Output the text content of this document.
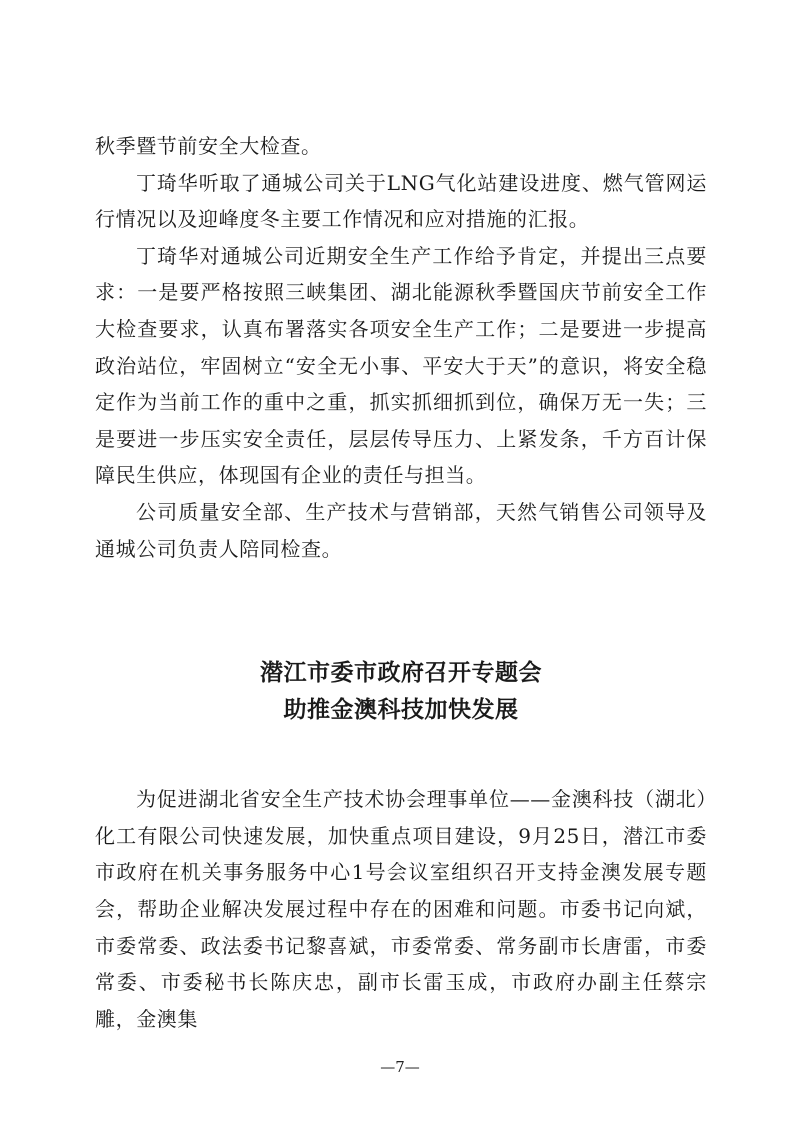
秋季暨节前安全大检查。

丁琦华听取了通城公司关于LNG气化站建设进度、燃气管网运行情况以及迎峰度冬主要工作情况和应对措施的汇报。

丁琦华对通城公司近期安全生产工作给予肯定，并提出三点要求：一是要严格按照三峡集团、湖北能源秋季暨国庆节前安全工作大检查要求，认真布署落实各项安全生产工作；二是要进一步提高政治站位，牢固树立“安全无小事、平安大于天”的意识，将安全稳定作为当前工作的重中之重，抓实抓细抓到位，确保万无一失；三是要进一步压实安全责任，层层传导压力、上紧发条，千方百计保障民生供应，体现国有企业的责任与担当。

公司质量安全部、生产技术与营销部，天然气销售公司领导及通城公司负责人陪同检查。

潜江市委市政府召开专题会
助推金澳科技加快发展

为促进湖北省安全生产技术协会理事单位——金澳科技（湖北）化工有限公司快速发展，加快重点项目建设，9月25日，潜江市委市政府在机关事务服务中心1号会议室组织召开支持金澳发展专题会，帮助企业解决发展过程中存在的困难和问题。市委书记向斌，市委常委、政法委书记黎喜斌，市委常委、常务副市长唐雷，市委常委、市委秘书长陈庆忠，副市长雷玉成，市政府办副主任蔡宗雕，金澳集

—7—
